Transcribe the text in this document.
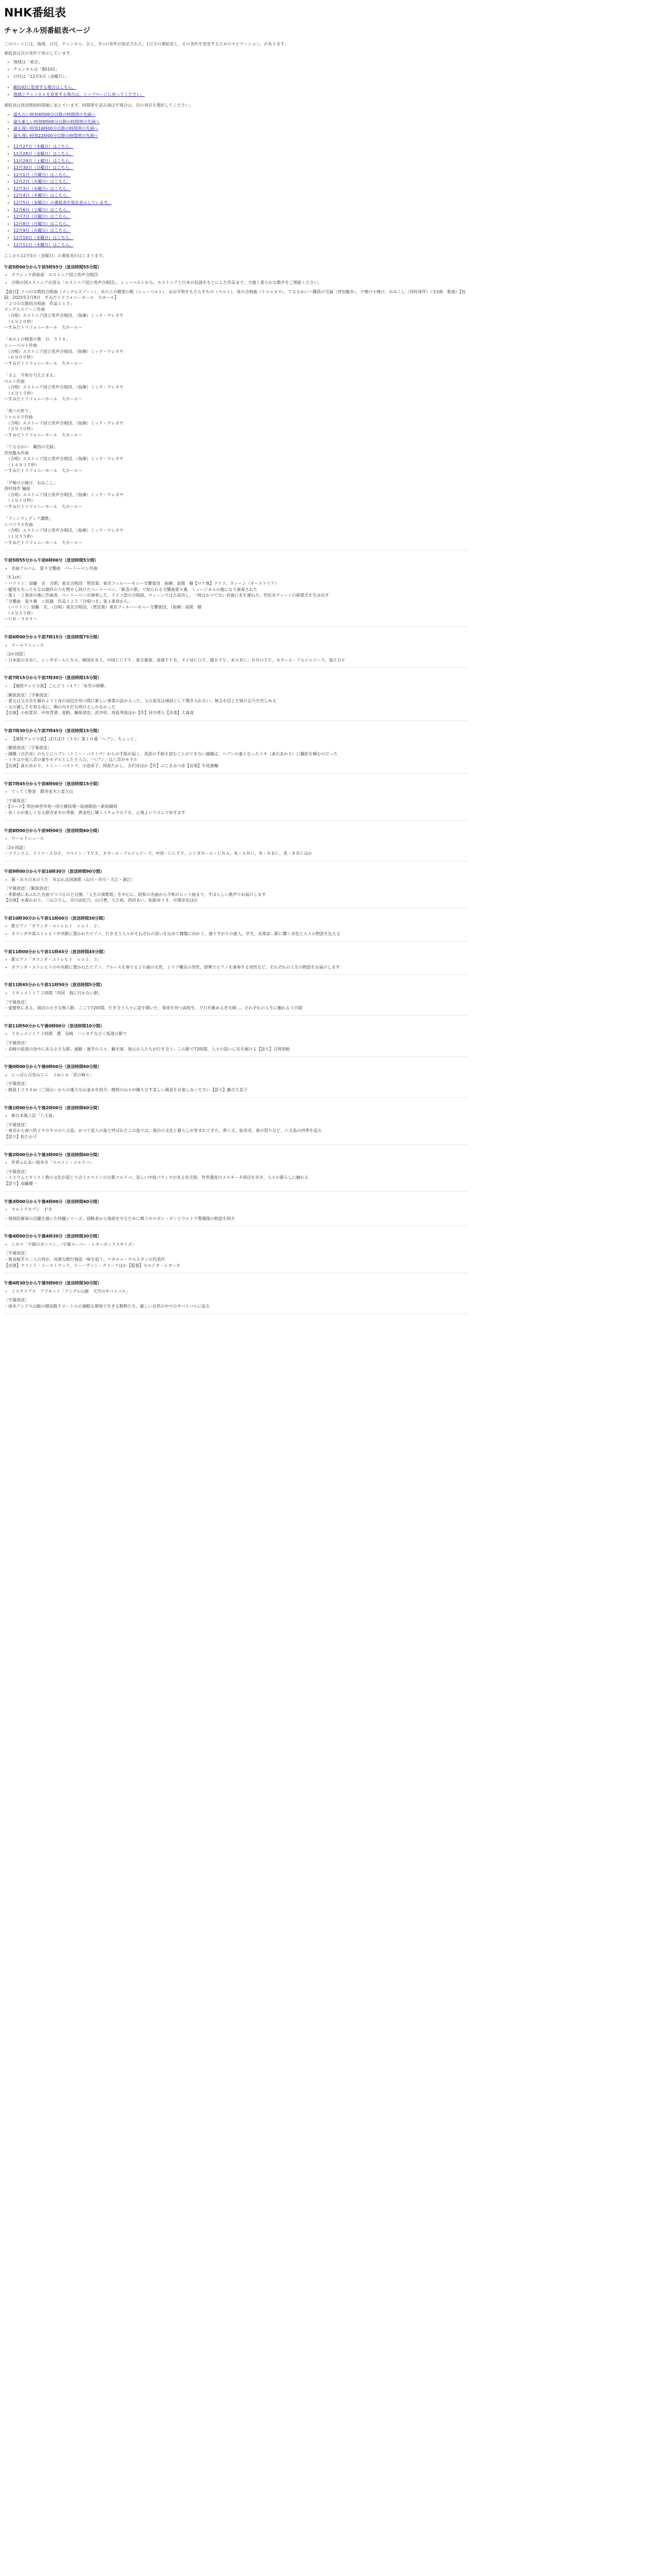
NHK番組表
チャンネル別番組表ページ

このページには、地域、日付、チャンネル、以上、3つの条件が指定された、1日分の番組表と、その条件を変更するためのナビゲーション、があります。

番組表は次の条件で表示しています。

• 地域は「東京」
• チャンネルは「BS101」
• 日付は「12月5日（金曜日）」
• BS102に変更する場合はこちら。
• 地域とチャンネルを変更する場合は、トップページに戻ってください。

番組表は放送開始時間順に並んでいます。時間帯を読み飛ばす場合は、次の項目を選択してください。

• 最も古い時刻4時00分以降の時間帯の先頭へ
• 最も新しい時刻9時00分以降の時間帯の先頭へ
• 最も遅い時刻16時00分以降の時間帯の先頭へ
• 最も遅い時刻22時00分以降の時間帯の先頭へ
• 11月27日（木曜日）はこちら。
• 11月28日（金曜日）はこちら。
• 11月29日（土曜日）はこちら。
• 11月30日（日曜日）はこちら。
• 12月1日（月曜日）はこちら。
• 12月2日（火曜日）はこちら。
• 12月3日（水曜日）はこちら。
• 12月4日（木曜日）はこちら。
• 12月5日（金曜日）の番組表を現在表示しています。
• 12月6日（土曜日）はこちら。
• 12月7日（日曜日）はこちら。
• 12月8日（月曜日）はこちら。
• 12月9日（火曜日）はこちら。
• 12月10日（水曜日）はこちら。
• 12月11日（木曜日）はこちら。

ここから12月5日（金曜日）の番組表がはじまります。

午前5時00分から午前5時55分（放送時間55分間）
• クラシック倶楽部　エストニア国立男声合唱団
• 合唱の国エストニアが誇る「エストニア国立男声合唱団」。シューベルトから、エストニアと日本の民謡をもとにした作品まで、力強く柔らかな歌声をご堪能ください。
【曲目】２つの宗教的合唱曲（メンデルスゾーン）、水の上の精霊の歌（シューベルト）、おお平和をもたらすもの（ペルト）、夜の合唱曲（トゥルヌス）、てるるかい～職員の宅録（宮田龍水）、夕焼け小焼け、おみこし（西村周作）（全2曲　歌曲）【収録：2025年2月8日　すみだトリフォニーホール　大ホール】
「２つの宗教的合唱曲　作品１１５」
メンデルスゾーン作曲
　（合唱）エストニア国立男声合唱団、（指揮）ミック・ウレオヤ
　（４分２０秒）
～すみだトリフォニーホール　大ホール～

「水の上の精霊の歌　Ｄ．５３８」
シューベルト作曲
　（合唱）エストニア国立男声合唱団、（指揮）ミック・ウレオヤ
　（６分００秒）
～すみだトリフォニーホール　大ホール～

「主よ　平和を与えたまえ」
ペルト作曲
　（合唱）エストニア国立男声合唱団、（指揮）ミック・ウレオヤ
　（４分１５秒）
～すみだトリフォニーホール　大ホール～

「夜への祈り」
トゥルヌス作曲
　（合唱）エストニア国立男声合唱団、（指揮）ミック・ウレオヤ
　（５分３０秒）
～すみだトリフォニーホール　大ホール～

「てるるかい　職員の宅録」
宮田龍水作曲
　（合唱）エストニア国立男声合唱団、（指揮）ミック・ウレオヤ
　（１４分３５秒）
～すみだトリフォニーホール　大ホール～

「夕焼け小焼け、おみこし」
西村周作 編曲
　（合唱）エストニア国立男声合唱団、（指揮）ミック・ウレオヤ
　（３分１０秒）
～すみだトリフォニーホール　大ホール～

「フィンランディア讃歌」
シベリウス作曲
　（合唱）エストニア国立男声合唱団、（指揮）ミック・ウレオヤ
　（１分５５秒）
～すみだトリフォニーホール　大ホール～
午前5時55分から午前6時00分（放送時間5分間）
• 名曲アルバム　第９交響曲　ベートーベン作曲
［5.1ch］
・バリトン：加藤　克　合唱：東京合唱団　管弦楽：東京フィルハーモニー交響楽団　指揮：高関　健【ロケ地】ドイツ、ウィーン（オーストリア）
・聴覚を失ってもなお創作の力を燃やし続けたベートーベン。「歓喜の歌」で知られる交響曲第９番。ミュージカルの後になり演奏された
・第１・２楽章の後に作曲者、ベートーベンが演奏した、ドイツ語の合唱曲、ウィーンでは大成功し、一時はかつてない名曲に名を連ねた。世紀末ウィーンの新様式を生み出す
「交響曲　第９番　ニ短調　作品１２５『合唱つき』第４楽章から」
　（バリトン）加藤　克、（合唱）東京合唱団、（管弦楽）東京フィルハーモニー交響楽団、（指揮）高関　健
　（４分５５秒）
～ＣＲ－５０９～
午前6時00分から午前7時15分（放送時間75分間）
• ワールドニュース
［2か国語］
・日本語のＢＢＣ、シンガポールＣＮＡ、韓国ＫＢＳ、中国ＣＣＴＶ、東方衛視、香港ＴＶＢ、タイＭＣＯＴ、露ＲＴＶ、米ＡＢＣ、ＲＮＯＴＶ、カタール・アルジャジーラ、独ＺＤＦ
午前7時15分から午前7時30分（放送時間15分間）
• 【連続テレビ小説】ごんどう（４７）「氷雪の帰郷」
［解説放送］［字幕放送］
・重五は父兵吾を鎮めようと母の返信を待つ間に新しい事業の話が入った。父の意見は頑固として聞き入れない。無言を信じた妹の志乃を苦しめる
・父の激しさを知る母に、胸の内を打ち明けるしかなかった
【出演】小松菜奈、中田青渚、夏帆、藤原竜也、武井咲、西島秀俊ほか【作】河合勇人【音楽】大森真
午前7時30分から午前7時45分（放送時間15分間）
• 【連続テレビ小説】ばけばけ（５０）第１０週「ヘブン、ちょっと」
［解説放送］［字幕放送］
・錦織（吉沢亮）のもとにヘブン（トミー・バストウ）からの手紙が届く。英語の手紙を読むことができない錦織は、ヘブンの妻となったトキ（髙石あかり）に翻訳を頼むのだった
・トキは小泉八雲の妻をモデルとした主人公。「ヘブン」は八雲がモデル
【出演】髙石あかり、トミー・バストウ、小池栄子、岡部たかし、吉沢亮ほか【作】ふじきみつ彦【音楽】牛尾憲輔
午前7時45分から午前8時00分（放送時間15分間）
• てくてく絶景　銀杏並木と富士山
［字幕放送］
・【コース】明治神宮外苑～国立競技場～絵画館前～新宿御苑
・歩くのが楽しくなる銀杏並木の季節。黄金色に輝くイチョウの下を、心地よいリズムで歩きます
午前8時00分から午前9時00分（放送時間60分間）
• ワールドニュース
［2か国語］
・フランス２、ドイツ・ＺＤＦ、スペイン・ＴＶＥ、カタール・アルジャジーラ、中国・ＣＣＴＶ、シンガポール・ＣＮＡ、米・ＡＢＣ、米・ＮＢＣ、英・ＢＢＣほか
午前9時00分から午前10時30分（放送時間90分間）
• 新・ＢＳ日本のうた　年忘れ北国演歌（山川・市川・大江・源江）
［字幕放送］［解説放送］
・季節感にあふれた名曲でつづるのど自慢。「人生の演歌坂」を中心に、昭和の名曲から令和のヒット曲まで、すばらしい歌声でお届けします
【出演】水森かおり、三山ひろし、市川由紀乃、山川豊、大江裕、西田あい、松阪ゆうき、中澤卓也ほか
午前10時30分から午前11時00分（放送時間30分間）
• 駅ピアノ「オランダ・ユトレヒト　ｖｏｌ．２」
• オランダ中部ユトレヒト中央駅に置かれたピアノ。行き交う人々がそれぞれの思いを込めて鍵盤に向かう。通りすがりの旅人、学生、音楽家…駅に響く音色と人々の物語を伝える
午前11時00分から午前11時45分（放送時間45分間）
• 駅ピアノ「オランダ・ユトレヒト　ｖｏｌ．３」
• オランダ・ユトレヒトの中央駅に置かれたピアノ。ブルースを奏でる２０歳の女性、シリア難民の男性、即興でピアノを演奏する男性など、それぞれの人生の物語をお届けします
午前11時45分から午前11時50分（放送時間5分間）
• ドキュメント７２時間「四国　海に行かない駅」
［字幕放送］
・愛媛県にある、海辺の小さな無人駅。ここで72時間、行き交う人々に話を聞いた。電車を待つ高校生、夕日を眺める老夫婦…。それぞれの人生に触れる３日間
午前11時50分から午後0時00分（放送時間10分間）
• ドキュメント７２時間　選　長崎　ハンカチなびく坂道の駅で
［字幕放送］
・長崎の坂道の途中にある小さな駅。通勤・通学の人々、観光客、地元の人たちが行き交う。この駅で72時間、人々の思いに耳を傾ける【語り】吉岡里帆
午後0時00分から午後0時00分（放送時間60分間）
• にっぽん百名山ミニ　３ｍｉｎ「雲の峰々」
［字幕放送］
・標高１２０８ｍ（三国山）からの雄大な山並みを紹介。晩秋の山々が織りなす美しい風景をお楽しみください【語り】藤吉久美子
午後1時00分から午後2時00分（放送時間60分間）
• 新日本風土記「八丈島」
［字幕放送］
・東京から南へ約２９０キロの八丈島。かつて流人の島と呼ばれたこの島では、独自の文化と暮らしが育まれてきた。黄八丈、島寿司、春の祭りなど、八丈島の四季を巡る
【語り】松たか子
午後2時00分から午後3時00分（放送時間60分間）
• 世界ふれあい街歩き「スペイン・コルドバ」
［字幕放送］
・イスラムとキリスト教の文化が混じり合うスペインの古都コルドバ。美しい中庭パティオがある住宅街、世界遺産のメスキータ周辺を歩き、人々の暮らしに触れる
【語り】加藤健一
午後3時00分から午後4時00分（放送時間60分間）
• ウルトラセブン　ＰＲ
・地球防衛軍の活躍を描いた特撮シリーズ。侵略者から地球を守るために戦うモロボシ・ダンとウルトラ警備隊の物語を紹介
午後4時00分から午後4時30分（放送時間30分間）
• シネマ「夕陽のガンマン」〈字幕スーパー・レターボックスサイズ〉
［字幕放送］
・賞金稼ぎの二人の男が、凶悪な銀行強盗一味を追う。マカロニ・ウエスタンの代表作
【出演】クリント・イーストウッド、リー・ヴァン・クリーフほか【監督】セルジオ・レオーネ
午後4時30分から午後5時00分（放送時間30分間）
• ミステリアス　プラネット「アングル山脈　天空のサバイバル」
［字幕放送］
・南米アンデス山脈の標高数千メートルの過酷な環境で生きる動物たち。厳しい自然の中でのサバイバルに迫る
